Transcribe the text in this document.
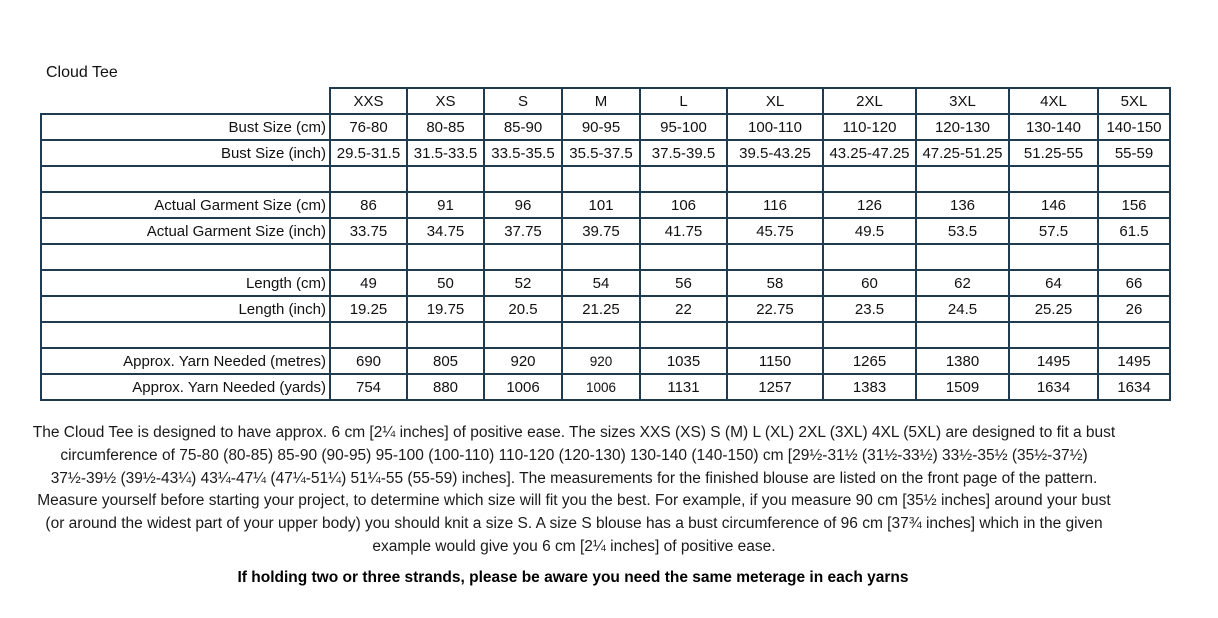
Cloud Tee
	XXS	XS	S	M	L	XL	2XL	3XL	4XL	5XL
Bust Size (cm)	76-80	80-85	85-90	90-95	95-100	100-110	110-120	120-130	130-140	140-150
Bust Size (inch)	29.5-31.5	31.5-33.5	33.5-35.5	35.5-37.5	37.5-39.5	39.5-43.25	43.25-47.25	47.25-51.25	51.25-55	55-59

Actual Garment Size (cm)	86	91	96	101	106	116	126	136	146	156
Actual Garment Size (inch)	33.75	34.75	37.75	39.75	41.75	45.75	49.5	53.5	57.5	61.5

Length (cm)	49	50	52	54	56	58	60	62	64	66
Length (inch)	19.25	19.75	20.5	21.25	22	22.75	23.5	24.5	25.25	26

Approx. Yarn Needed (metres)	690	805	920	920	1035	1150	1265	1380	1495	1495
Approx. Yarn Needed (yards)	754	880	1006	1006	1131	1257	1383	1509	1634	1634
The Cloud Tee is designed to have approx. 6 cm [2¼ inches] of positive ease. The sizes XXS (XS) S (M) L (XL) 2XL (3XL) 4XL (5XL) are designed to fit a bust circumference of 75-80 (80-85) 85-90 (90-95) 95-100 (100-110) 110-120 (120-130) 130-140 (140-150) cm [29½-31½ (31½-33½) 33½-35½ (35½-37½) 37½-39½ (39½-43¼) 43¼-47¼ (47¼-51¼) 51¼-55 (55-59) inches]. The measurements for the finished blouse are listed on the front page of the pattern. Measure yourself before starting your project, to determine which size will fit you the best. For example, if you measure 90 cm [35½ inches] around your bust (or around the widest part of your upper body) you should knit a size S. A size S blouse has a bust circumference of 96 cm [37¾ inches] which in the given example would give you 6 cm [2¼ inches] of positive ease.
If holding two or three strands, please be aware you need the same meterage in each yarns
